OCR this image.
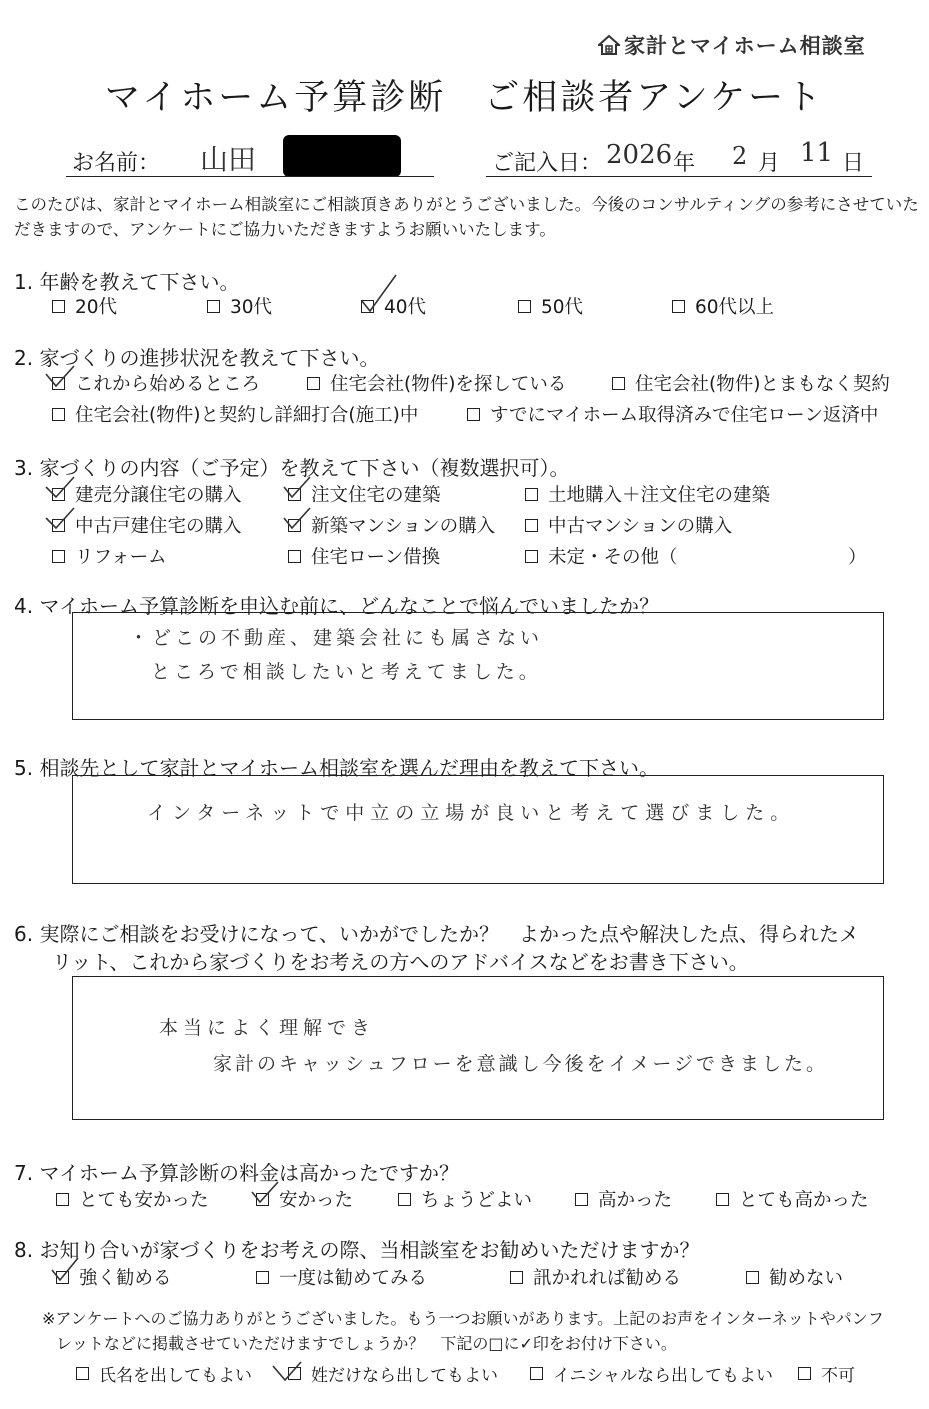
家計とマイホーム相談室
マイホーム予算診断　ご相談者アンケート
お名前： 山田	ご記入日： 2026 年 2 月 11 日
このたびは、家計とマイホーム相談室にご相談頂きありがとうございました。今後のコンサルティングの参考にさせていただきますので、アンケートにご協力いただきますようお願いいたします。
1. 年齢を教えて下さい。
20代	30代	40代	50代	60代以上
2. 家づくりの進捗状況を教えて下さい。
これから始めるところ	住宅会社(物件)を探している	住宅会社(物件)とまもなく契約
住宅会社(物件)と契約し詳細打合(施工)中	すでにマイホーム取得済みで住宅ローン返済中
3. 家づくりの内容（ご予定）を教えて下さい（複数選択可）。
建売分譲住宅の購入	注文住宅の建築	土地購入＋注文住宅の建築
中古戸建住宅の購入	新築マンションの購入	中古マンションの購入
リフォーム	住宅ローン借換	未定・その他（	）
4. マイホーム予算診断を申込む前に、どんなことで悩んでいましたか？
・どこの不動産、建築会社にも属さない
ところで相談したいと考えてました。
5. 相談先として家計とマイホーム相談室を選んだ理由を教えて下さい。
インターネットで中立の立場が良いと考えて選びました。
6. 実際にご相談をお受けになって、いかがでしたか？　よかった点や解決した点、得られたメ
リット、これから家づくりをお考えの方へのアドバイスなどをお書き下さい。
本当によく理解でき
家計のキャッシュフローを意識し今後をイメージできました。
7. マイホーム予算診断の料金は高かったですか？
とても安かった	安かった	ちょうどよい	高かった	とても高かった
8. お知り合いが家づくりをお考えの際、当相談室をお勧めいただけますか？
強く勧める	一度は勧めてみる	訊かれれば勧める	勧めない
※アンケートへのご協力ありがとうございました。もう一つお願いがあります。上記のお声をインターネットやパンフ
レットなどに掲載させていただけますでしょうか？　下記の□に✓印をお付け下さい。
氏名を出してもよい	姓だけなら出してもよい	イニシャルなら出してもよい	不可
